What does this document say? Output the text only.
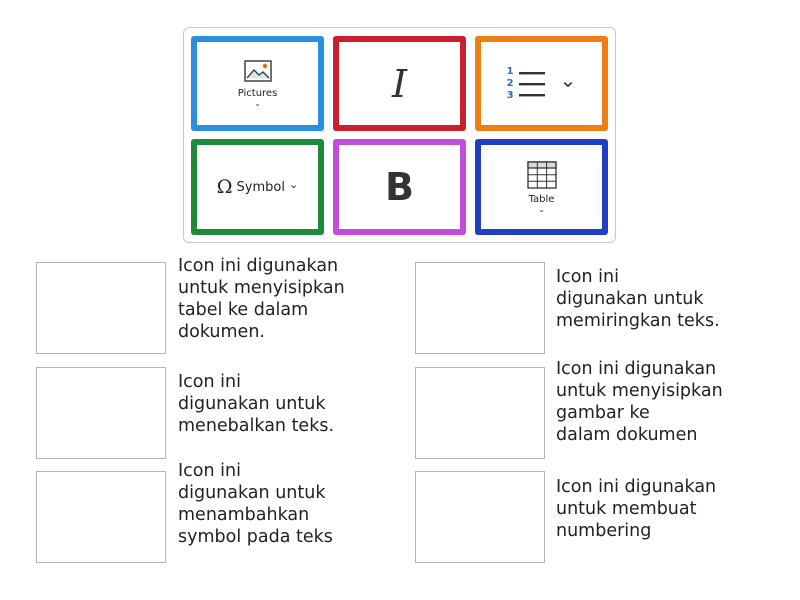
Pictures
⌄	I	1
2
3
⌄
Ω Symbol ⌄ B	Table
⌄
Icon ini digunakan
untuk menyisipkan
tabel ke dalam
dokumen.
Icon ini
digunakan untuk
memiringkan teks.
Icon ini
digunakan untuk
menebalkan teks.
Icon ini digunakan
untuk menyisipkan
gambar ke
dalam dokumen
Icon ini
digunakan untuk
menambahkan
symbol pada teks
Icon ini digunakan
untuk membuat
numbering
